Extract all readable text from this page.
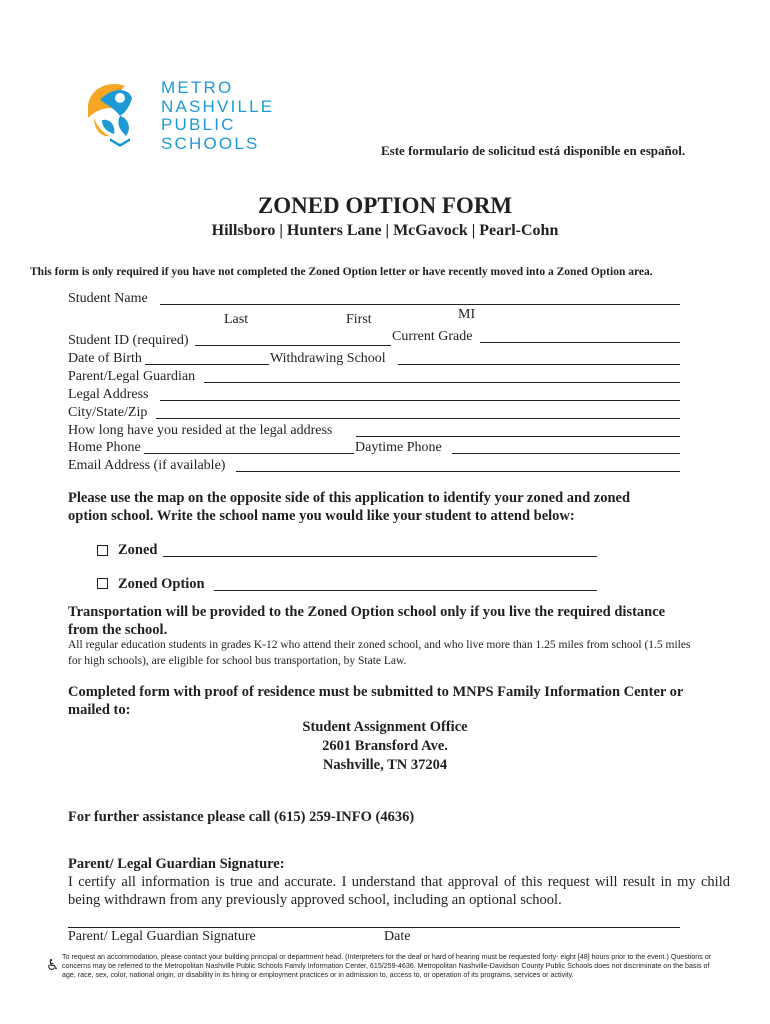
METRO
NASHVILLE
PUBLIC
SCHOOLS	Este formulario de solicitud está disponible en español.
ZONED OPTION FORM
Hillsboro | Hunters Lane | McGavock | Pearl-Cohn
This form is only required if you have not completed the Zoned Option letter or have recently moved into a Zoned Option area.
Student Name
Last	First	MI
Student ID (required)	Current Grade
Date of Birth	Withdrawing School
Parent/Legal Guardian
Legal Address
City/State/Zip
How long have you resided at the legal address
Home Phone	Daytime Phone
Email Address (if available)
Please use the map on the opposite side of this application to identify your zoned and zoned option school. Write the school name you would like your student to attend below:
Zoned
Zoned Option
Transportation will be provided to the Zoned Option school only if you live the required distance from the school.
All regular education students in grades K-12 who attend their zoned school, and who live more than 1.25 miles from school (1.5 miles for high schools), are eligible for school bus transportation, by State Law.
Completed form with proof of residence must be submitted to MNPS Family Information Center or mailed to:
Student Assignment Office
2601 Bransford Ave.
Nashville, TN 37204
For further assistance please call (615) 259-INFO (4636)
Parent/ Legal Guardian Signature:
I certify all information is true and accurate. I understand that approval of this request will result in my child being withdrawn from any previously approved school, including an optional school.
Parent/ Legal Guardian Signature	Date
♿ To request an accommodation, please contact your building principal or department head. (Interpreters for the deaf or hard of hearing must be requested forty- eight [48] hours prior to the event.) Questions or concerns may be referred to the Metropolitan Nashville Public Schools Family Information Center, 615/259-4636. Metropolitan Nashville-Davidson County Public Schools does not discriminate on the basis of age, race, sex, color, national origin, or disability in its hiring or employment practices or in admission to, access to, or operation of its programs, services or activity.
